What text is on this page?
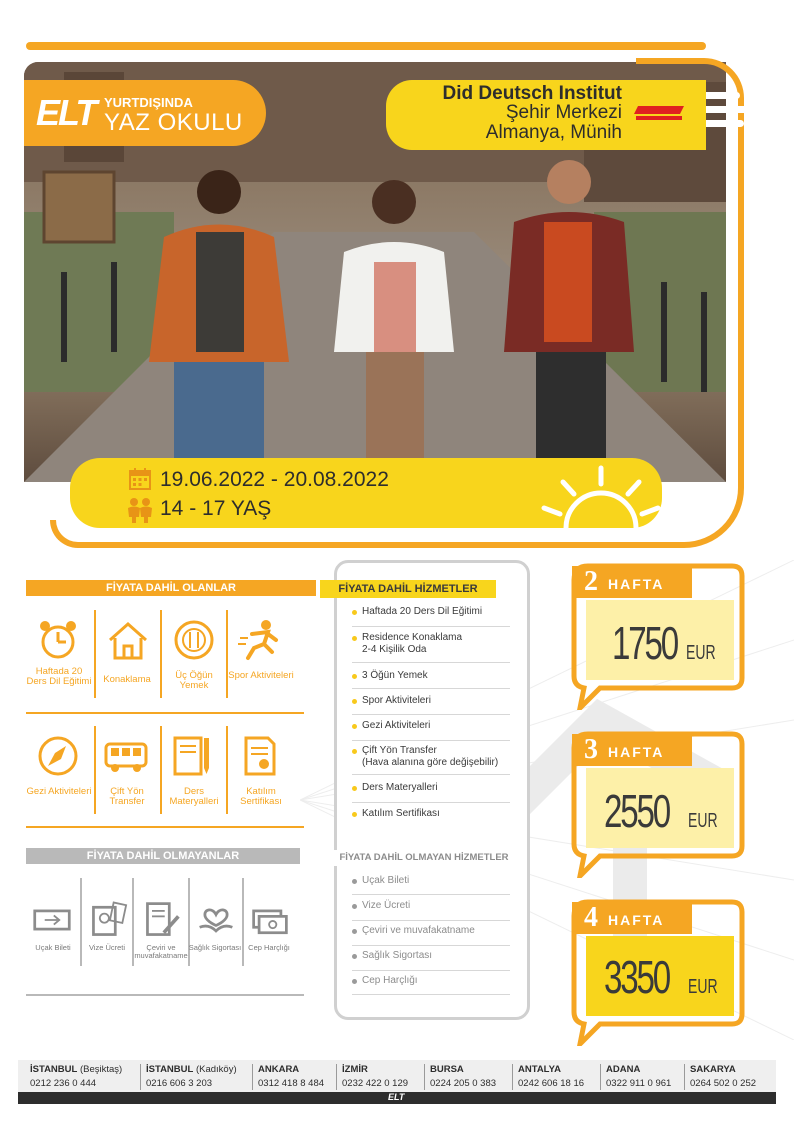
ELT YURTDIŞINDA
YAZ OKULU
Did Deutsch Institut
Şehir Merkezi
Almanya, Münih
19.06.2022 - 20.08.2022
14 - 17 YAŞ
FİYATA DAHİL OLANLAR
Haftada 20 Ders Dil Eğitimi	Konaklama	Üç Öğün Yemek
Spor Aktiviteleri
Gezi Aktiviteleri	Çift Yön Transfer
Ders Materyalleri
Katılım Sertifikası
FİYATA DAHİL OLMAYANLAR
Uçak Bileti	Vize Ücreti	Çeviri ve muvafakatname
Sağlık Sigortası Cep Harçlığı
FİYATA DAHİL HİZMETLER
Haftada 20 Ders Dil Eğitimi
Residence Konaklama
2-4 Kişilik Oda
3 Öğün Yemek
Spor Aktiviteleri
Gezi Aktiviteleri
Çift Yön Transfer
(Hava alanına göre değişebilir)
Ders Materyalleri
Katılım Sertifikası
FİYATA DAHİL OLMAYAN HİZMETLER
Uçak Bileti
Vize Ücreti
Çeviri ve muvafakatname
Sağlık Sigortası
Cep Harçlığı
2 HAFTA
1750 EUR
3 HAFTA
2550 EUR
4 HAFTA
3350 EUR
İSTANBUL (Beşiktaş)
0212 236 0 444
İSTANBUL (Kadıköy)
0216 606 3 203
ANKARA
0312 418 8 484
İZMİR
0232 422 0 129
BURSA
0224 205 0 383
ANTALYA
0242 606 18 16
ADANA
0322 911 0 961
SAKARYA
0264 502 0 252
ELT
